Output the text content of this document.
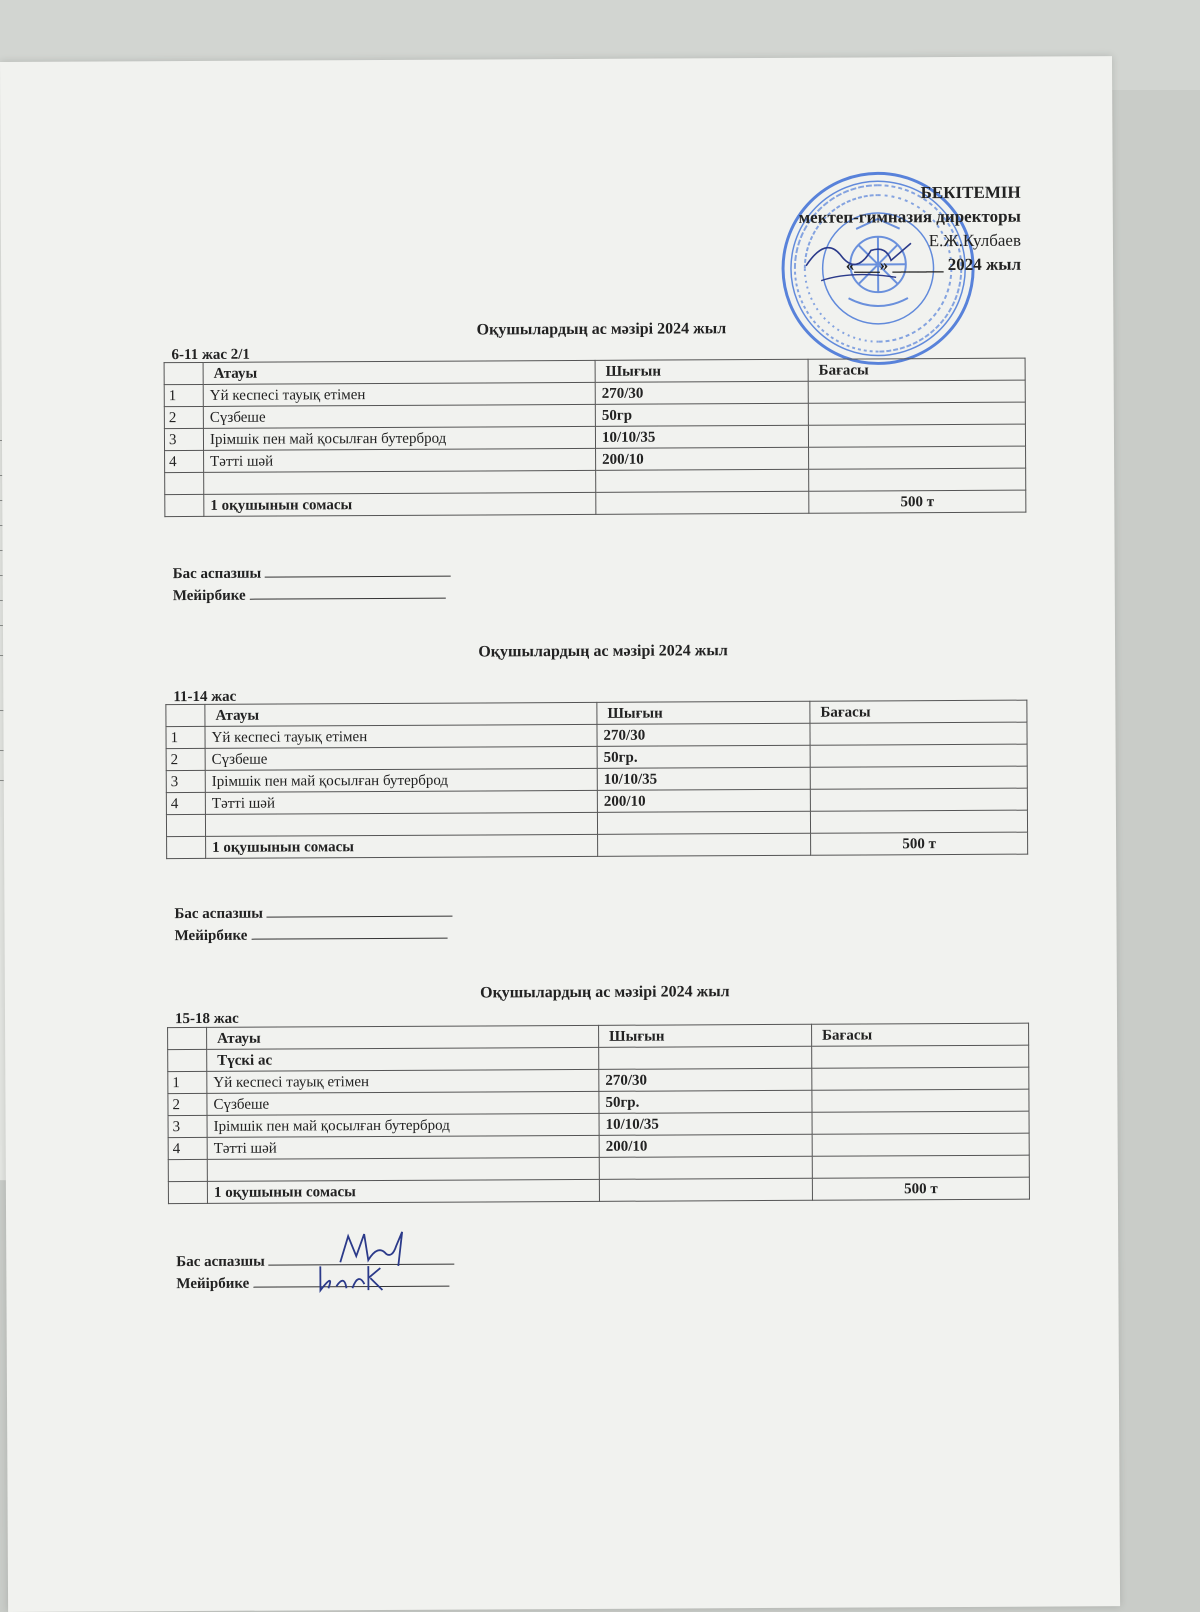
БЕКІТЕМІН
мектеп-гимназия директоры
Е.Ж.Кулбаев
«___» ______ 2024 жыл
Оқушылардың ас мәзірі 2024 жыл
6-11 жас 2/1
	Атауы	Шығын	Бағасы
1	Үй кеспесі тауық етімен	270/30	
2	Сүзбеше	50гр	
3	Ірімшік пен май қосылған бутерброд	10/10/35	
4	Тәтті шәй	200/10	

	1 оқушынын сомасы		500 т
Бас аспазшы
Мейірбике
Оқушылардың ас мәзірі 2024 жыл
11-14 жас
	Атауы	Шығын	Бағасы
1	Үй кеспесі тауық етімен	270/30	
2	Сүзбеше	50гр.	
3	Ірімшік пен май қосылған бутерброд	10/10/35	
4	Тәтті шәй	200/10	

	1 оқушынын сомасы		500 т
Бас аспазшы
Мейірбике
Оқушылардың ас мәзірі 2024 жыл
15-18 жас
	Атауы	Шығын	Бағасы
	Түскі ас		
1	Үй кеспесі тауық етімен	270/30	
2	Сүзбеше	50гр.	
3	Ірімшік пен май қосылған бутерброд	10/10/35	
4	Тәтті шәй	200/10	

	1 оқушынын сомасы		500 т
Бас аспазшы
Мейірбике
